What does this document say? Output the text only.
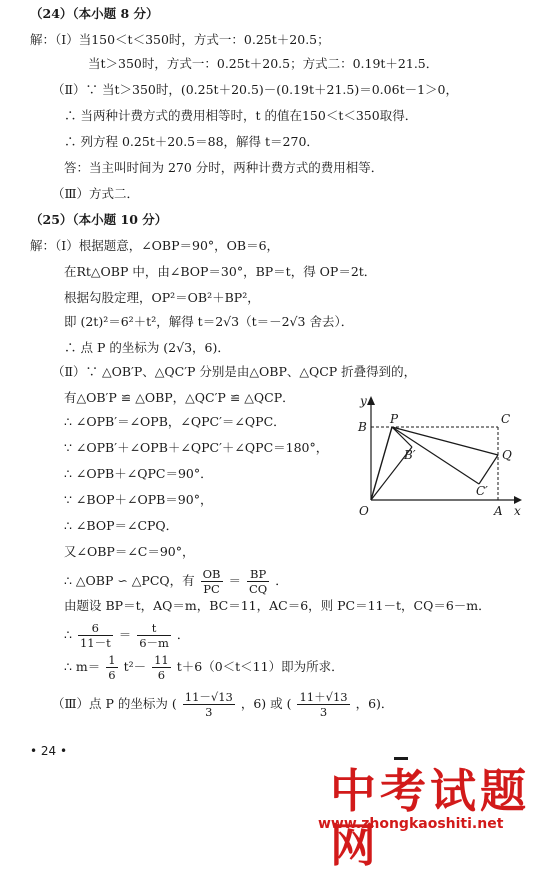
（24）（本小题 8 分）
解：（Ⅰ）当150＜t＜350时，方式一：0.25t＋20.5；
当t＞350时，方式一：0.25t＋20.5；方式二：0.19t＋21.5．
（Ⅱ）∵ 当t＞350时，(0.25t＋20.5)－(0.19t＋21.5)＝0.06t－1＞0，
∴ 当两种计费方式的费用相等时，t 的值在150＜t＜350取得．
∴ 列方程 0.25t＋20.5＝88，解得 t＝270．
答：当主叫时间为 270 分时，两种计费方式的费用相等．
（Ⅲ）方式二．
（25）（本小题 10 分）
解：（Ⅰ）根据题意，∠OBP＝90°，OB＝6，
在Rt△OBP 中，由∠BOP＝30°，BP＝t，得 OP＝2t．
根据勾股定理，OP²＝OB²＋BP²，
即 (2t)²＝6²＋t²，解得 t＝2√3（t＝－2√3 舍去）．
∴ 点 P 的坐标为 (2√3，6)．
（Ⅱ）∵ △OB′P、△QC′P 分别是由△OBP、△QCP 折叠得到的，
有△OB′P ≌ △OBP，△QC′P ≌ △QCP．
∴ ∠OPB′＝∠OPB，∠QPC′＝∠QPC．
∵ ∠OPB′＋∠OPB＋∠QPC′＋∠QPC＝180°，
∴ ∠OPB＋∠QPC＝90°．
∵ ∠BOP＋∠OPB＝90°，
∴ ∠BOP＝∠CPQ．
又∠OBP＝∠C＝90°，
∴ △OBP ∽ △PCQ，有 $\frac{OB}{PC} = \frac{BP}{CQ}$ ．
由题设 BP＝t，AQ＝m，BC＝11，AC＝6，则 PC＝11－t，CQ＝6－m．
∴ $\frac{6}{11-t} = \frac{t}{6-m}$ ．
∴ $m= \frac{1}{6} t^2- \frac{11}{6} t+6(0<t<11)$即为所求．
（Ⅲ）点 P 的坐标为 ( $\frac{11-√13}{3}$ ，6) 或 ( $\frac{11+√13}{3}$ ，6)．
y
x
B
P	C
B′	Q
C′
O	A
• 24 •
中考试题网
www.zhongkaoshiti.net
